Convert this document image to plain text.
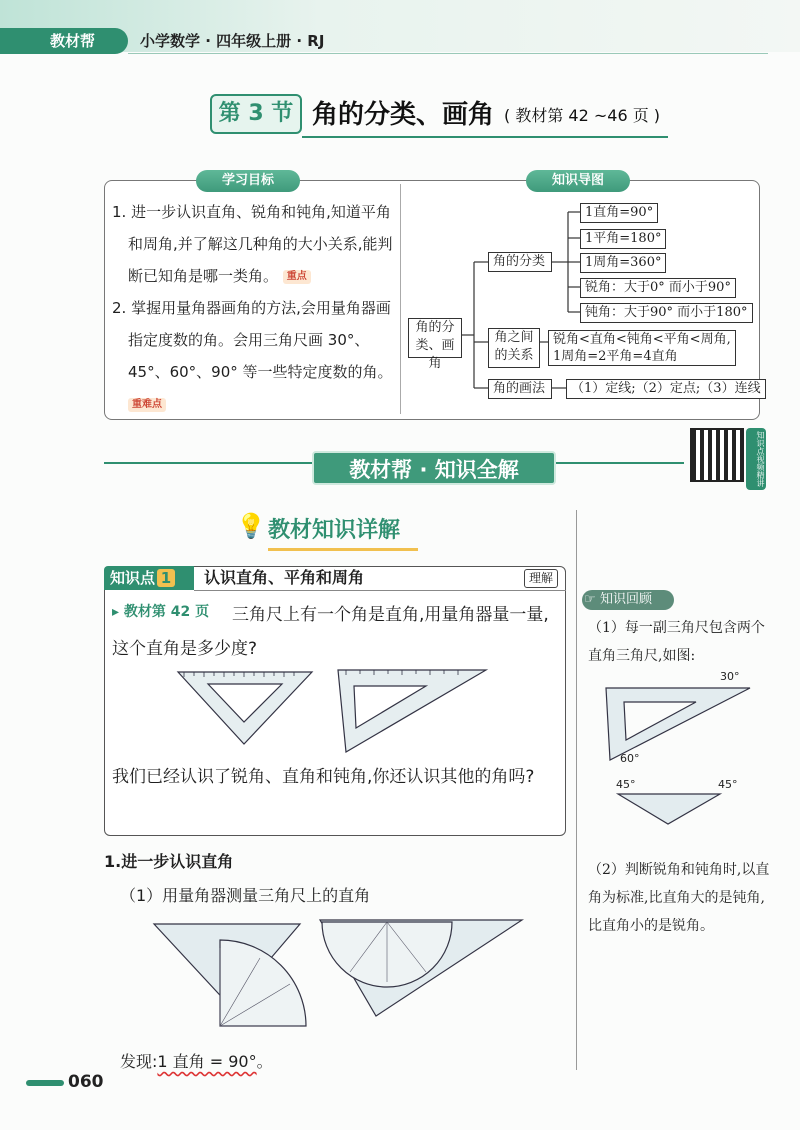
教材帮	小学数学 · 四年级上册 · RJ
第 3 节 角的分类、画角 ( 教材第 42 ~46 页 )
学习目标	知识导图

1. 进一步认识直角、锐角和钝角,知道平角和周角,并了解这几种角的大小关系,能判断已知角是哪一类角。 重点

2. 掌握用量角器画角的方法,会用量角器画指定度数的角。会用三角尺画 30°、45°、60°、90° 等一些特定度数的角。 重难点

角的分类、画角
角的分类
1直角=90°
1平角=180°
1周角=360°
锐角：大于0° 而小于90°
钝角：大于90° 而小于180°
角之间的关系
锐角<直角<钝角<平角<周角,
1周角=2平角=4直角
角的画法	（1）定线;（2）定点;（3）连线
教材帮 · 知识全解	知识点视频精讲
💡 教材知识详解
知识点 1	认识直角、平角和周角	理解
▸ 教材第 42 页	三角尺上有一个角是直角,用量角器量一量,这个直角是多少度?
我们已经认识了锐角、直角和钝角,你还认识其他的角吗?
1.进一步认识直角
（1）用量角器测量三角尺上的直角
发现:1 直角 = 90°。
060
知识回顾
☞
（1）每一副三角尺包含两个直角三角尺,如图:
30°
60°
45°	45°
（2）判断锐角和钝角时,以直角为标准,比直角大的是钝角,比直角小的是锐角。
